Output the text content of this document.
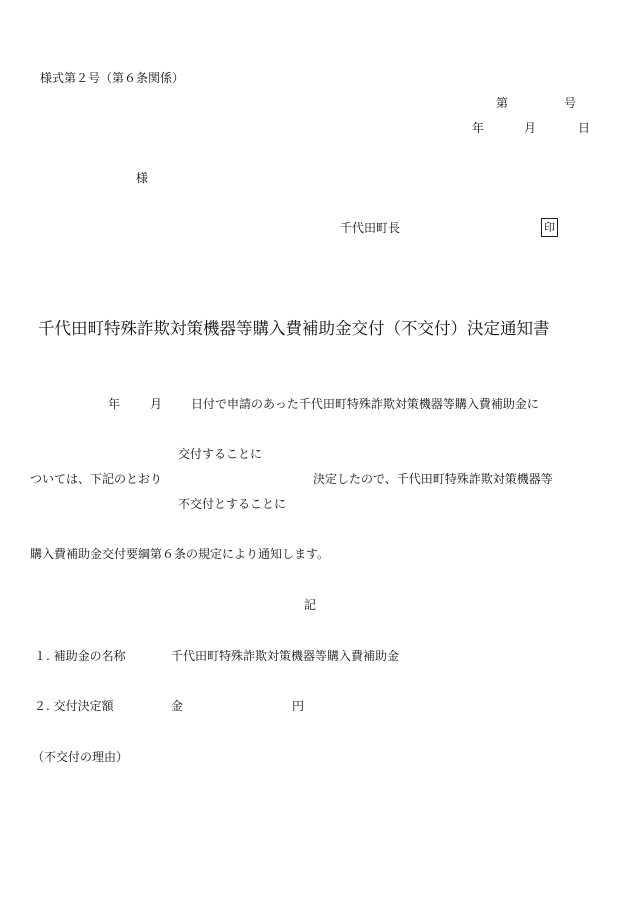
様式第２号（第６条関係）
第	号
年	月	日
様
千代田町長	印
千代田町特殊詐欺対策機器等購入費補助金交付（不交付）決定通知書
年 月 日付で申請のあった千代田町特殊詐欺対策機器等購入費補助金に
交付することに
ついては、下記のとおり	決定したので、千代田町特殊詐欺対策機器等
不交付とすることに
購入費補助金交付要綱第６条の規定により通知します。
記
１. 補助金の名称	千代田町特殊詐欺対策機器等購入費補助金
２. 交付決定額	金	円
（不交付の理由）
